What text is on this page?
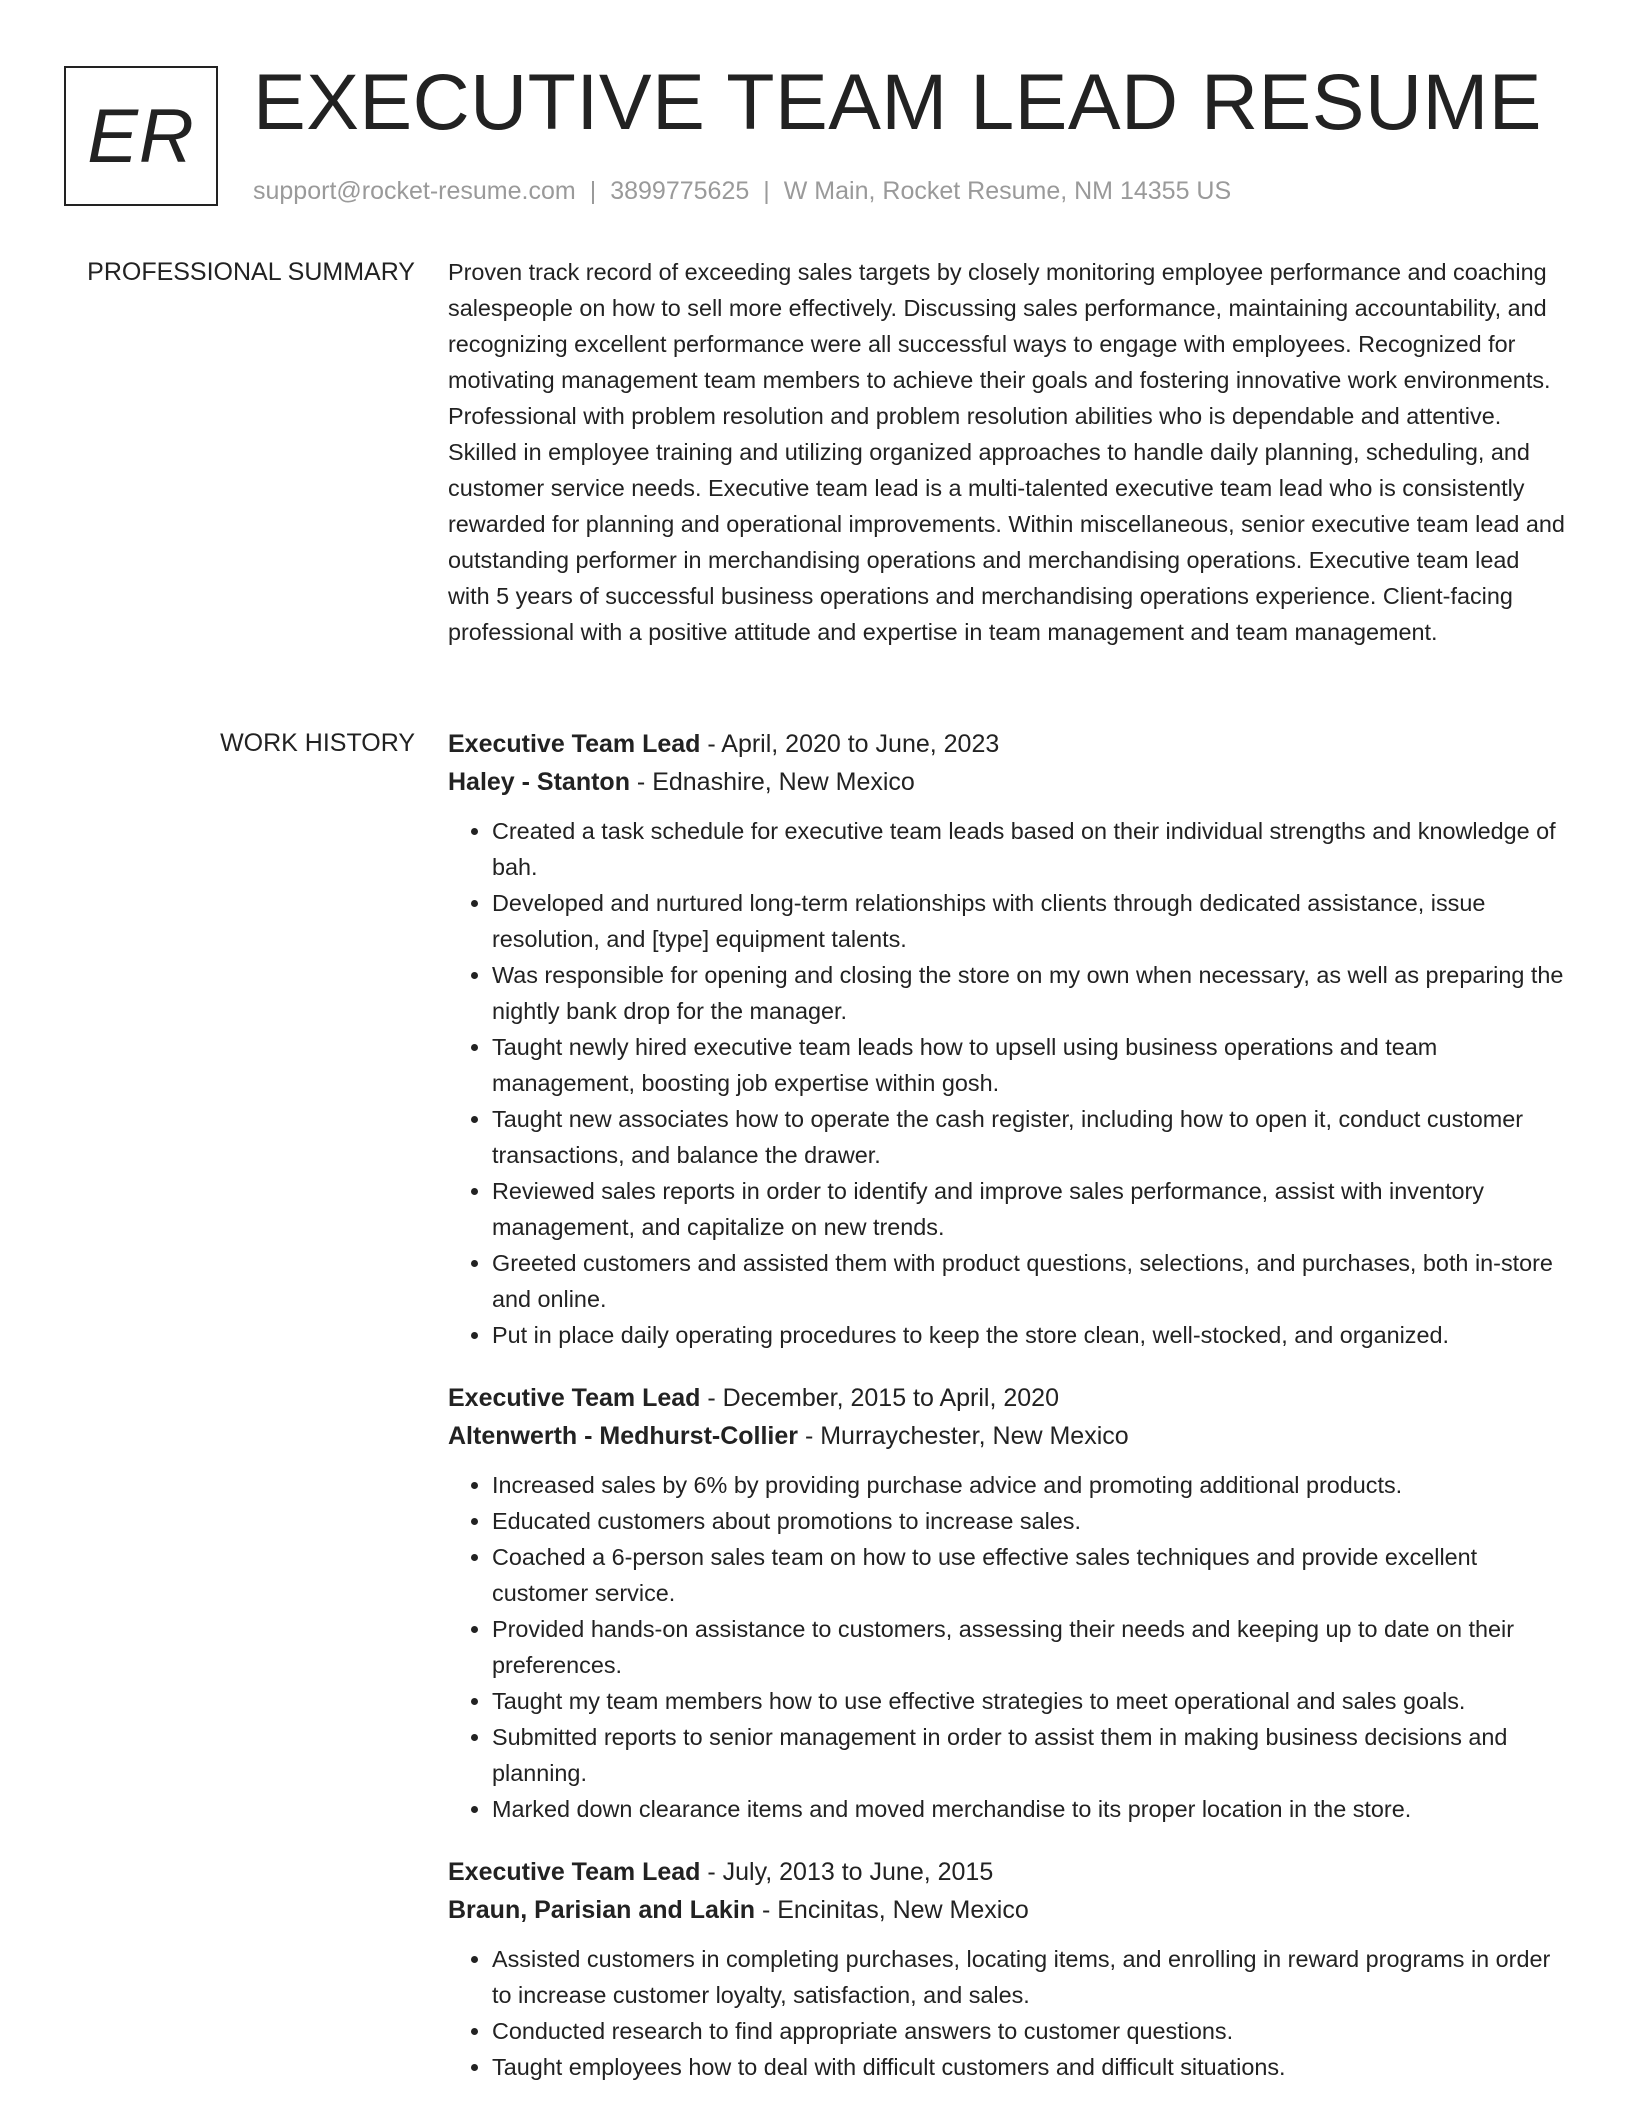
ER EXECUTIVE TEAM LEAD RESUME
support@rocket-resume.com | 3899775625 | W Main, Rocket Resume, NM 14355 US
PROFESSIONAL SUMMARY Proven track record of exceeding sales targets by closely monitoring employee performance and coaching salespeople on how to sell more effectively. Discussing sales performance, maintaining accountability, and recognizing excellent performance were all successful ways to engage with employees. Recognized for motivating management team members to achieve their goals and fostering innovative work environments. Professional with problem resolution and problem resolution abilities who is dependable and attentive. Skilled in employee training and utilizing organized approaches to handle daily planning, scheduling, and customer service needs. Executive team lead is a multi-talented executive team lead who is consistently rewarded for planning and operational improvements. Within miscellaneous, senior executive team lead and outstanding performer in merchandising operations and merchandising operations. Executive team lead with 5 years of successful business operations and merchandising operations experience. Client-facing professional with a positive attitude and expertise in team management and team management.

WORK HISTORY Executive Team Lead - April, 2020 to June, 2023
Haley - Stanton - Ednashire, New Mexico
• Created a task schedule for executive team leads based on their individual strengths and knowledge of bah.
• Developed and nurtured long-term relationships with clients through dedicated assistance, issue resolution, and [type] equipment talents.
• Was responsible for opening and closing the store on my own when necessary, as well as preparing the nightly bank drop for the manager.
• Taught newly hired executive team leads how to upsell using business operations and team management, boosting job expertise within gosh.
• Taught new associates how to operate the cash register, including how to open it, conduct customer transactions, and balance the drawer.
• Reviewed sales reports in order to identify and improve sales performance, assist with inventory management, and capitalize on new trends.
• Greeted customers and assisted them with product questions, selections, and purchases, both in-store and online.
• Put in place daily operating procedures to keep the store clean, well-stocked, and organized.
Executive Team Lead - December, 2015 to April, 2020
Altenwerth - Medhurst-Collier - Murraychester, New Mexico
• Increased sales by 6% by providing purchase advice and promoting additional products.
• Educated customers about promotions to increase sales.
• Coached a 6-person sales team on how to use effective sales techniques and provide excellent customer service.
• Provided hands-on assistance to customers, assessing their needs and keeping up to date on their preferences.
• Taught my team members how to use effective strategies to meet operational and sales goals.
• Submitted reports to senior management in order to assist them in making business decisions and planning.
• Marked down clearance items and moved merchandise to its proper location in the store.
Executive Team Lead - July, 2013 to June, 2015
Braun, Parisian and Lakin - Encinitas, New Mexico
• Assisted customers in completing purchases, locating items, and enrolling in reward programs in order to increase customer loyalty, satisfaction, and sales.
• Conducted research to find appropriate answers to customer questions.
• Taught employees how to deal with difficult customers and difficult situations.
